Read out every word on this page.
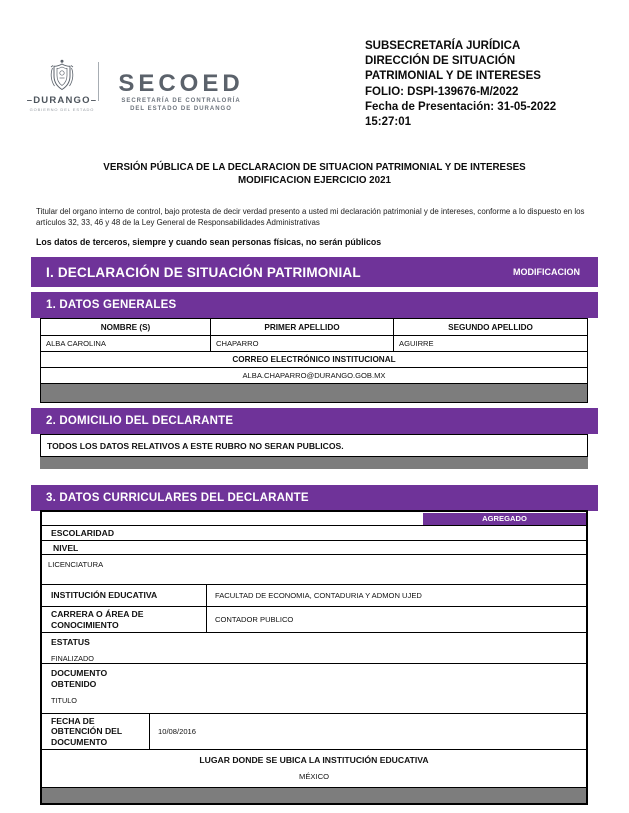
–DURANGO–
GOBIERNO DEL ESTADO
SECOED
SECRETARÍA DE CONTRALORÍA
DEL ESTADO DE DURANGO
SUBSECRETARÍA JURÍDICA
DIRECCIÓN DE SITUACIÓN
PATRIMONIAL Y DE INTERESES
FOLIO: DSPI-139676-M/2022
Fecha de Presentación: 31-05-2022
15:27:01
VERSIÓN PÚBLICA DE LA DECLARACION DE SITUACION PATRIMONIAL Y DE INTERESES
MODIFICACION EJERCICIO 2021
Titular del organo interno de control, bajo protesta de decir verdad presento a usted mi declaración patrimonial y de intereses, conforme a lo dispuesto en los artículos 32, 33, 46 y 48 de la Ley General de Responsabilidades Administrativas
Los datos de terceros, siempre y cuando sean personas físicas, no serán públicos
I. DECLARACIÓN DE SITUACIÓN PATRIMONIAL	MODIFICACION
1. DATOS GENERALES
NOMBRE (S)	PRIMER APELLIDO	SEGUNDO APELLIDO
ALBA CAROLINA	CHAPARRO	AGUIRRE
CORREO ELECTRÓNICO INSTITUCIONAL
ALBA.CHAPARRO@DURANGO.GOB.MX
2. DOMICILIO DEL DECLARANTE
TODOS LOS DATOS RELATIVOS A ESTE RUBRO NO SERAN PUBLICOS.
3. DATOS CURRICULARES DEL DECLARANTE
AGREGADO
ESCOLARIDAD
NIVEL
LICENCIATURA
INSTITUCIÓN EDUCATIVA	FACULTAD DE ECONOMIA, CONTADURIA Y ADMON UJED
CARRERA O ÁREA DE CONOCIMIENTO	CONTADOR PUBLICO
ESTATUS
FINALIZADO
DOCUMENTO OBTENIDO
TITULO
FECHA DE OBTENCIÓN DEL DOCUMENTO
10/08/2016
LUGAR DONDE SE UBICA LA INSTITUCIÓN EDUCATIVA
MÉXICO
